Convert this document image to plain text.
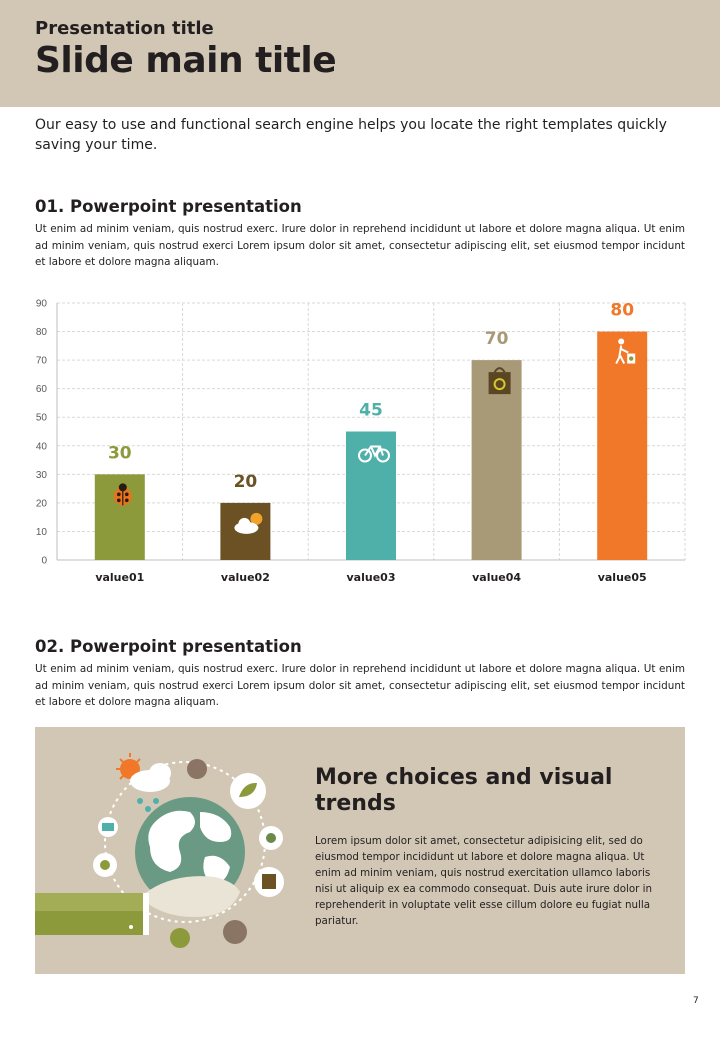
Presentation title
Slide main title
Our easy to use and functional search engine helps you locate the right templates quickly saving your time.
01. Powerpoint presentation
Ut enim ad minim veniam, quis nostrud exerc. Irure dolor in reprehend incididunt ut labore et dolore magna aliqua. Ut enim ad minim veniam, quis nostrud exerci Lorem ipsum dolor sit amet, consectetur adipiscing elit, set eiusmod tempor incidunt et labore et dolore magna aliquam.
0
10
20
30
40
50
60
70
80
90
30
value01
20
value02
45
value03
70
value04
80
value05
02. Powerpoint presentation
Ut enim ad minim veniam, quis nostrud exerc. Irure dolor in reprehend incididunt ut labore et dolore magna aliqua. Ut enim ad minim veniam, quis nostrud exerci Lorem ipsum dolor sit amet, consectetur adipiscing elit, set eiusmod tempor incidunt et labore et dolore magna aliquam.
More choices and visual trends
Lorem ipsum dolor sit amet, consectetur adipisicing elit, sed do eiusmod tempor incididunt ut labore et dolore magna aliqua. Ut enim ad minim veniam, quis nostrud exercitation ullamco laboris nisi ut aliquip ex ea commodo consequat. Duis aute irure dolor in reprehenderit in voluptate velit esse cillum dolore eu fugiat nulla pariatur.
7
